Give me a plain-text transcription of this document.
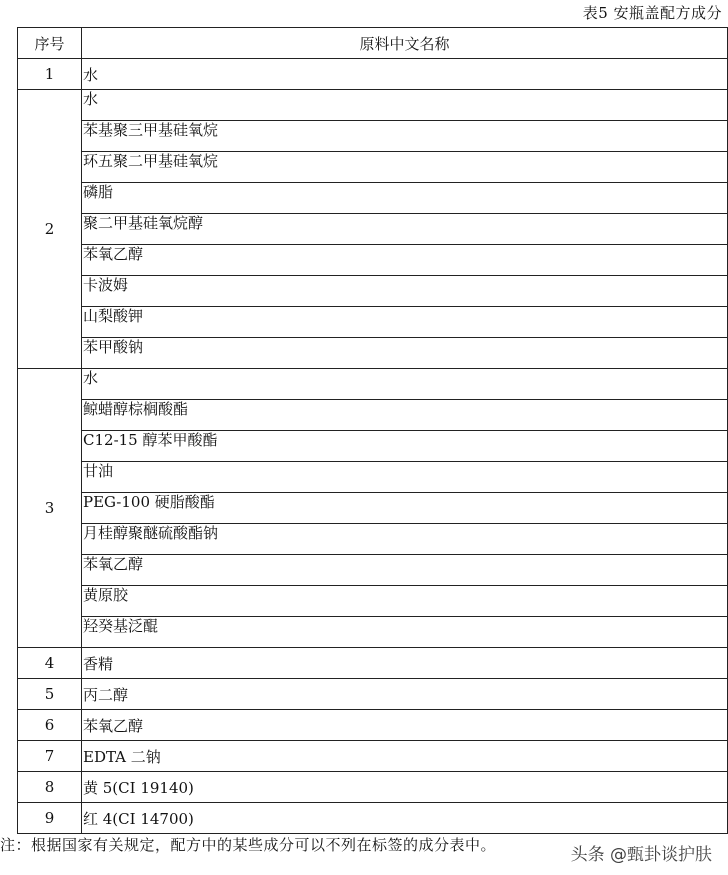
表5 安瓶盖配方成分
序号	原料中文名称
1	水
2	水
	苯基聚三甲基硅氧烷
	环五聚二甲基硅氧烷
	磷脂
	聚二甲基硅氧烷醇
	苯氧乙醇
	卡波姆
	山梨酸钾
	苯甲酸钠
3	水
	鲸蜡醇棕榈酸酯
	C12-15 醇苯甲酸酯
	甘油
	PEG-100 硬脂酸酯
	月桂醇聚醚硫酸酯钠
	苯氧乙醇
	黄原胶
	羟癸基泛醌
4	香精
5	丙二醇
6	苯氧乙醇
7	EDTA 二钠
8	黄 5(CI 19140)
9	红 4(CI 14700)
注：根据国家有关规定，配方中的某些成分可以不列在标签的成分表中。	头条 @甄卦谈护肤
